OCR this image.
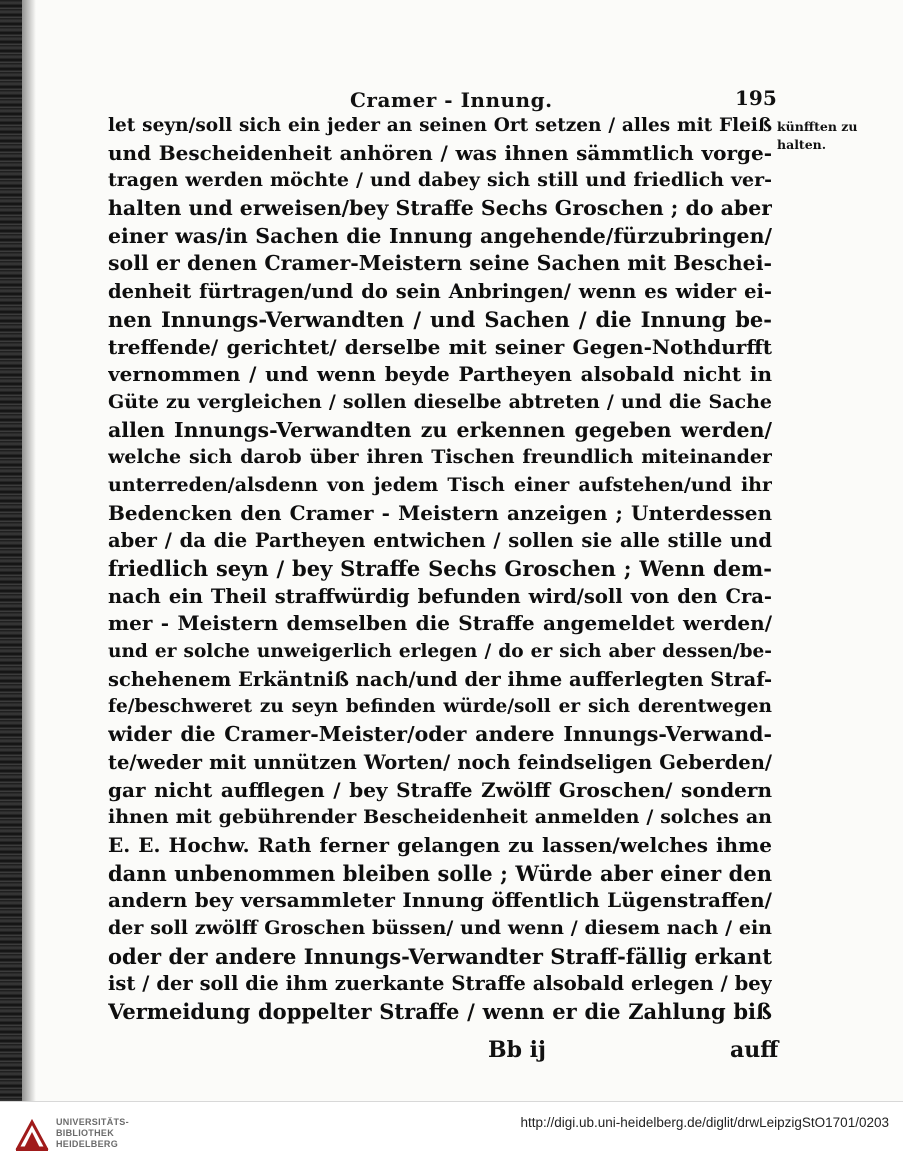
Cramer - Innung.	195
künfften zu
halten.
let seyn/soll sich ein jeder an seinen Ort setzen / alles mit Fleiß
und Bescheidenheit anhören / was ihnen sämmtlich vorge-
tragen werden möchte / und dabey sich still und friedlich ver-
halten und erweisen/bey Straffe Sechs Groschen ; do aber
einer was/in Sachen die Innung angehende/fürzubringen/
soll er denen Cramer-Meistern seine Sachen mit Beschei-
denheit fürtragen/und do sein Anbringen/ wenn es wider ei-
nen Innungs-Verwandten / und Sachen / die Innung be-
treffende/ gerichtet/ derselbe mit seiner Gegen-Nothdurfft
vernommen / und wenn beyde Partheyen alsobald nicht in
Güte zu vergleichen / sollen dieselbe abtreten / und die Sache
allen Innungs-Verwandten zu erkennen gegeben werden/
welche sich darob über ihren Tischen freundlich miteinander
unterreden/alsdenn von jedem Tisch einer aufstehen/und ihr
Bedencken den Cramer - Meistern anzeigen ; Unterdessen
aber / da die Partheyen entwichen / sollen sie alle stille und
friedlich seyn / bey Straffe Sechs Groschen ; Wenn dem-
nach ein Theil straffwürdig befunden wird/soll von den Cra-
mer - Meistern demselben die Straffe angemeldet werden/
und er solche unweigerlich erlegen / do er sich aber dessen/be-
schehenem Erkäntniß nach/und der ihme aufferlegten Straf-
fe/beschweret zu seyn befinden würde/soll er sich derentwegen
wider die Cramer-Meister/oder andere Innungs-Verwand-
te/weder mit unnützen Worten/ noch feindseligen Geberden/
gar nicht aufflegen / bey Straffe Zwölff Groschen/ sondern
ihnen mit gebührender Bescheidenheit anmelden / solches an
E. E. Hochw. Rath ferner gelangen zu lassen/welches ihme
dann unbenommen bleiben solle ; Würde aber einer den
andern bey versammleter Innung öffentlich Lügenstraffen/
der soll zwölff Groschen büssen/ und wenn / diesem nach / ein
oder der andere Innungs-Verwandter Straff-fällig erkant
ist / der soll die ihm zuerkante Straffe alsobald erlegen / bey
Vermeidung doppelter Straffe / wenn er die Zahlung biß
Bb ij	auff
UNIVERSITÄTS-
BIBLIOTHEK
HEIDELBERG
http://digi.ub.uni-heidelberg.de/diglit/drwLeipzigStO1701/0203
